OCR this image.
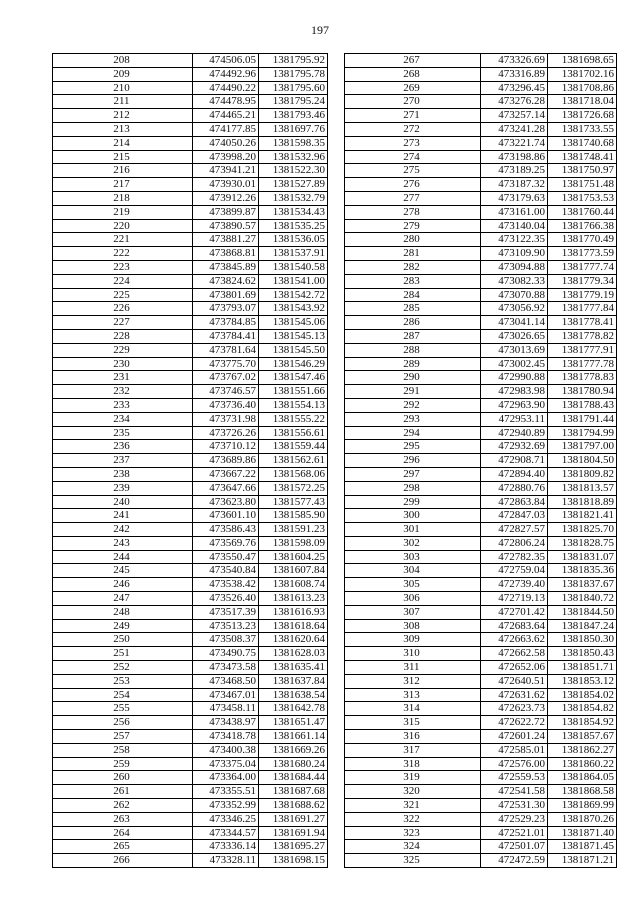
197
208	474506.05	1381795.92
209	474492.96	1381795.78
210	474490.22	1381795.60
211	474478.95	1381795.24
212	474465.21	1381793.46
213	474177.85	1381697.76
214	474050.26	1381598.35
215	473998.20	1381532.96
216	473941.21	1381522.30
217	473930.01	1381527.89
218	473912.26	1381532.79
219	473899.87	1381534.43
220	473890.57	1381535.25
221	473881.27	1381536.05
222	473868.81	1381537.91
223	473845.89	1381540.58
224	473824.62	1381541.00
225	473801.69	1381542.72
226	473793.07	1381543.92
227	473784.85	1381545.06
228	473784.41	1381545.13
229	473781.64	1381545.50
230	473775.70	1381546.29
231	473767.02	1381547.46
232	473746.57	1381551.66
233	473736.40	1381554.13
234	473731.98	1381555.22
235	473726.26	1381556.61
236	473710.12	1381559.44
237	473689.86	1381562.61
238	473667.22	1381568.06
239	473647.66	1381572.25
240	473623.80	1381577.43
241	473601.10	1381585.90
242	473586.43	1381591.23
243	473569.76	1381598.09
244	473550.47	1381604.25
245	473540.84	1381607.84
246	473538.42	1381608.74
247	473526.40	1381613.23
248	473517.39	1381616.93
249	473513.23	1381618.64
250	473508.37	1381620.64
251	473490.75	1381628.03
252	473473.58	1381635.41
253	473468.50	1381637.84
254	473467.01	1381638.54
255	473458.11	1381642.78
256	473438.97	1381651.47
257	473418.78	1381661.14
258	473400.38	1381669.26
259	473375.04	1381680.24
260	473364.00	1381684.44
261	473355.51	1381687.68
262	473352.99	1381688.62
263	473346.25	1381691.27
264	473344.57	1381691.94
265	473336.14	1381695.27
266	473328.11	1381698.15
267	473326.69	1381698.65
268	473316.89	1381702.16
269	473296.45	1381708.86
270	473276.28	1381718.04
271	473257.14	1381726.68
272	473241.28	1381733.55
273	473221.74	1381740.68
274	473198.86	1381748.41
275	473189.25	1381750.97
276	473187.32	1381751.48
277	473179.63	1381753.53
278	473161.00	1381760.44
279	473140.04	1381766.38
280	473122.35	1381770.49
281	473109.90	1381773.59
282	473094.88	1381777.74
283	473082.33	1381779.34
284	473070.88	1381779.19
285	473056.92	1381777.84
286	473041.14	1381778.41
287	473026.65	1381778.82
288	473013.69	1381777.91
289	473002.45	1381777.78
290	472990.88	1381778.83
291	472983.98	1381780.94
292	472963.90	1381788.43
293	472953.11	1381791.44
294	472940.89	1381794.99
295	472932.69	1381797.00
296	472908.71	1381804.50
297	472894.40	1381809.82
298	472880.76	1381813.57
299	472863.84	1381818.89
300	472847.03	1381821.41
301	472827.57	1381825.70
302	472806.24	1381828.75
303	472782.35	1381831.07
304	472759.04	1381835.36
305	472739.40	1381837.67
306	472719.13	1381840.72
307	472701.42	1381844.50
308	472683.64	1381847.24
309	472663.62	1381850.30
310	472662.58	1381850.43
311	472652.06	1381851.71
312	472640.51	1381853.12
313	472631.62	1381854.02
314	472623.73	1381854.82
315	472622.72	1381854.92
316	472601.24	1381857.67
317	472585.01	1381862.27
318	472576.00	1381860.22
319	472559.53	1381864.05
320	472541.58	1381868.58
321	472531.30	1381869.99
322	472529.23	1381870.26
323	472521.01	1381871.40
324	472501.07	1381871.45
325	472472.59	1381871.21
